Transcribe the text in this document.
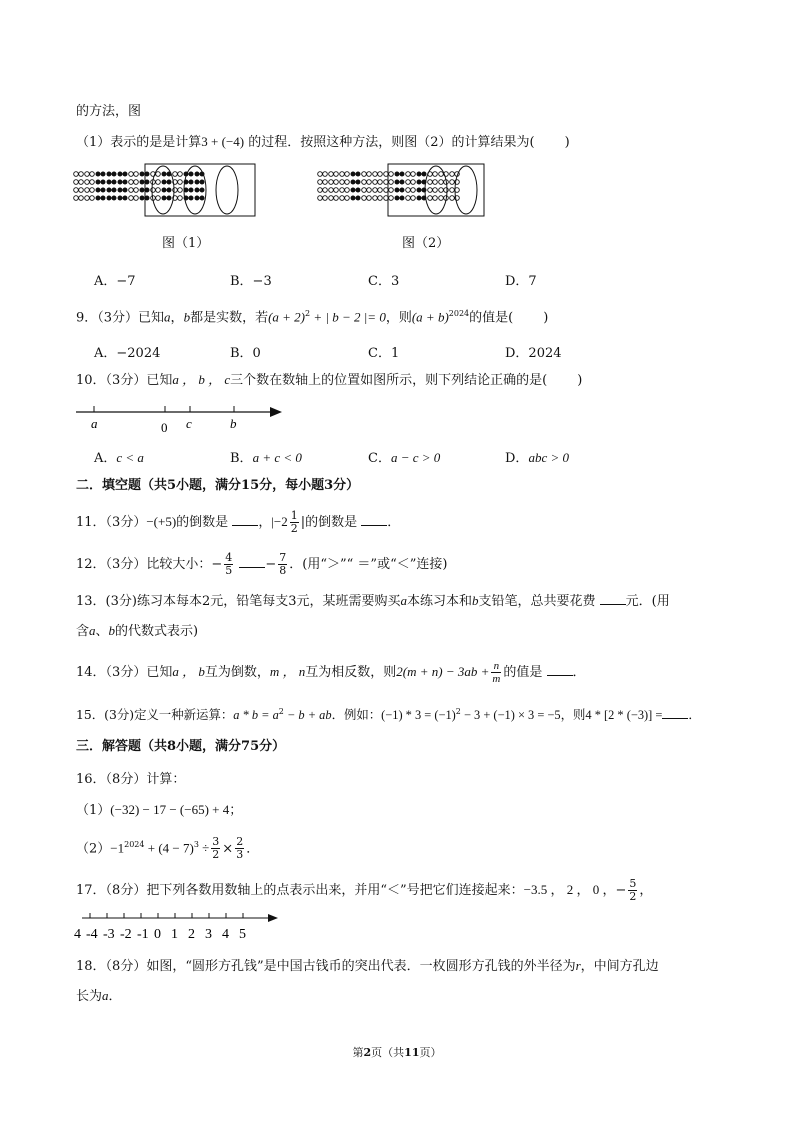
的方法，图
（1）表示的是是计算3 + (−4) 的过程．按照这种方法，则图（2）的计算结果为( )
图（1）	图（2）
A．−7	B．−3	C．3	D．7
9．（3分）已知a，b都是实数，若$(a + 2)^2$ + | b − 2 |= 0，则$(a + b)^{2024}$的值是( )
A．−2024	B．0	C．1	D．2024
10．（3分）已知a ， b ， c三个数在数轴上的位置如图所示，则下列结论正确的是( )
a	0 c	b
A．c < a	B．a + c < 0	C．a − c > 0	D．abc > 0
二．填空题（共5小题，满分15分，每小题3分）
11．（3分）−(+5)的倒数是 ，$|-2 \frac{1}{2}$ |的倒数是 ．
12．（3分）比较大小：− $\frac{4}{5} - \frac{7}{8}$ ．(用“＞”“ ＝”或“＜”连接)
13．(3分)练习本每本2元，铅笔每支3元，某班需要购买a本练习本和b支铅笔，总共要花费 元．(用
含a、b的代数式表示)
14．（3分）已知a ， b互为倒数，m ， n互为相反数，则$2(m + n) - 3ab + \frac{n}{m}$ 的值是 ．
15．(3分)定义一种新运算：$a * b = a^2 - b$ + ab．例如：$(-1) * 3 = (-1)^2 - 3 + (-1) \times 3 = -5$，则4 * [2 * (−3)] = ．
三．解答题（共8小题，满分75分）
16．（8分）计算：
（1）(−32) − 17 − (−65) + 4；
$(2)-1^{2024} + (4 - 7)^3 \div \frac{3}{2} \times \frac{2}{3}$ ．
17．（8分）把下列各数用数轴上的点表示出来，并用“＜”号把它们连接起来：−3.5 ， 2 ， 0 ，− $\frac{5}{2}$ ，
-4 -3 -2 -1 0 1 2 3 4 5
4
18．（8分）如图，“圆形方孔钱”是中国古钱币的突出代表．一枚圆形方孔钱的外半径为r，中间方孔边
长为a．
第2页（共11页）
